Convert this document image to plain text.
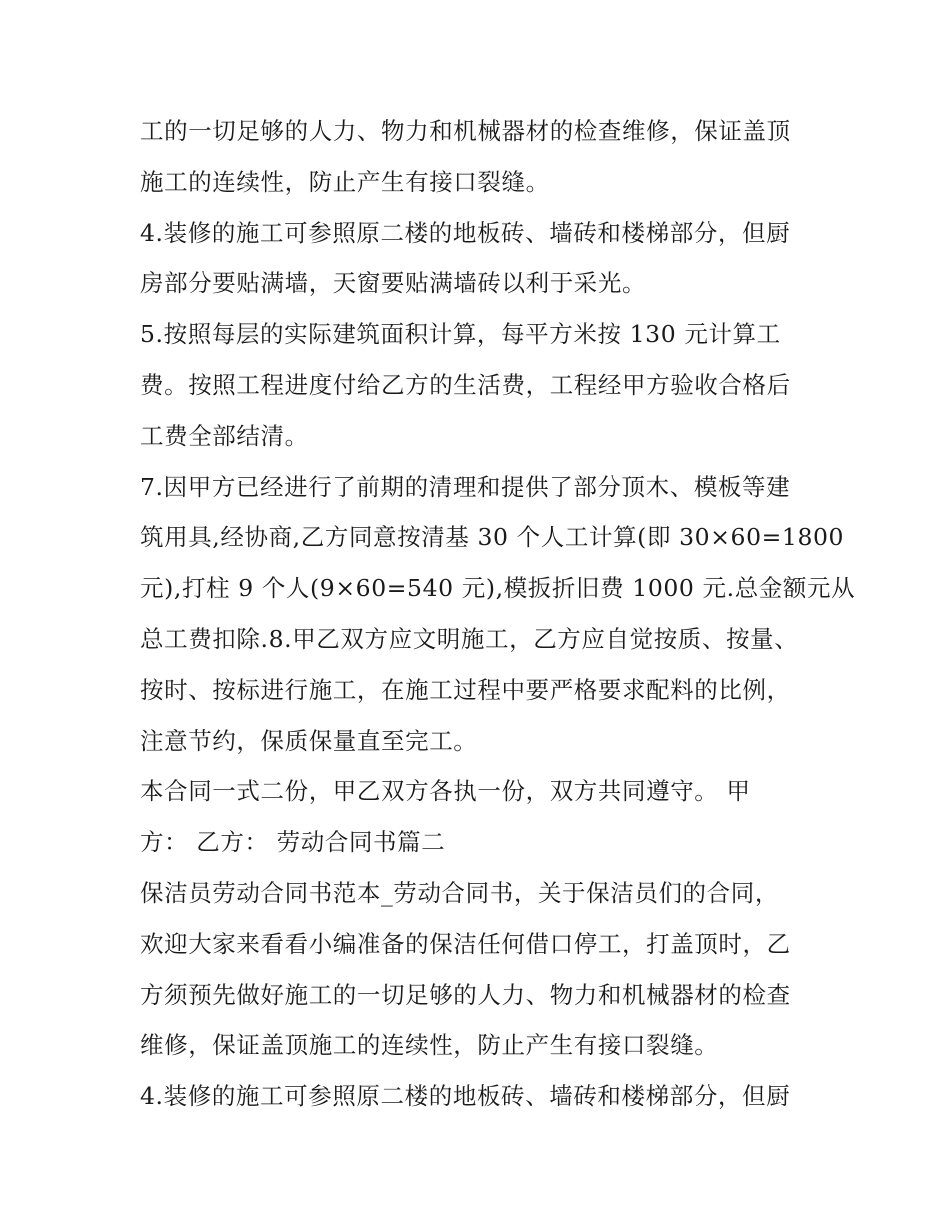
工的一切足够的人力、物力和机械器材的检查维修，保证盖顶
施工的连续性，防止产生有接口裂缝。
4.装修的施工可参照原二楼的地板砖、墙砖和楼梯部分，但厨
房部分要贴满墙，天窗要贴满墙砖以利于采光。
5.按照每层的实际建筑面积计算，每平方米按 130 元计算工
费。按照工程进度付给乙方的生活费，工程经甲方验收合格后
工费全部结清。
7.因甲方已经进行了前期的清理和提供了部分顶木、模板等建
筑用具,经协商,乙方同意按清基 30 个人工计算(即 30×60=1800
元),打柱 9 个人(9×60=540 元),模扳折旧费 1000 元.总金额元从
总工费扣除.8.甲乙双方应文明施工，乙方应自觉按质、按量、
按时、按标进行施工，在施工过程中要严格要求配料的比例，
注意节约，保质保量直至完工。
本合同一式二份，甲乙双方各执一份，双方共同遵守。 甲
方： 乙方： 劳动合同书篇二
保洁员劳动合同书范本_劳动合同书，关于保洁员们的合同，
欢迎大家来看看小编准备的保洁任何借口停工，打盖顶时，乙
方须预先做好施工的一切足够的人力、物力和机械器材的检查
维修，保证盖顶施工的连续性，防止产生有接口裂缝。
4.装修的施工可参照原二楼的地板砖、墙砖和楼梯部分，但厨
